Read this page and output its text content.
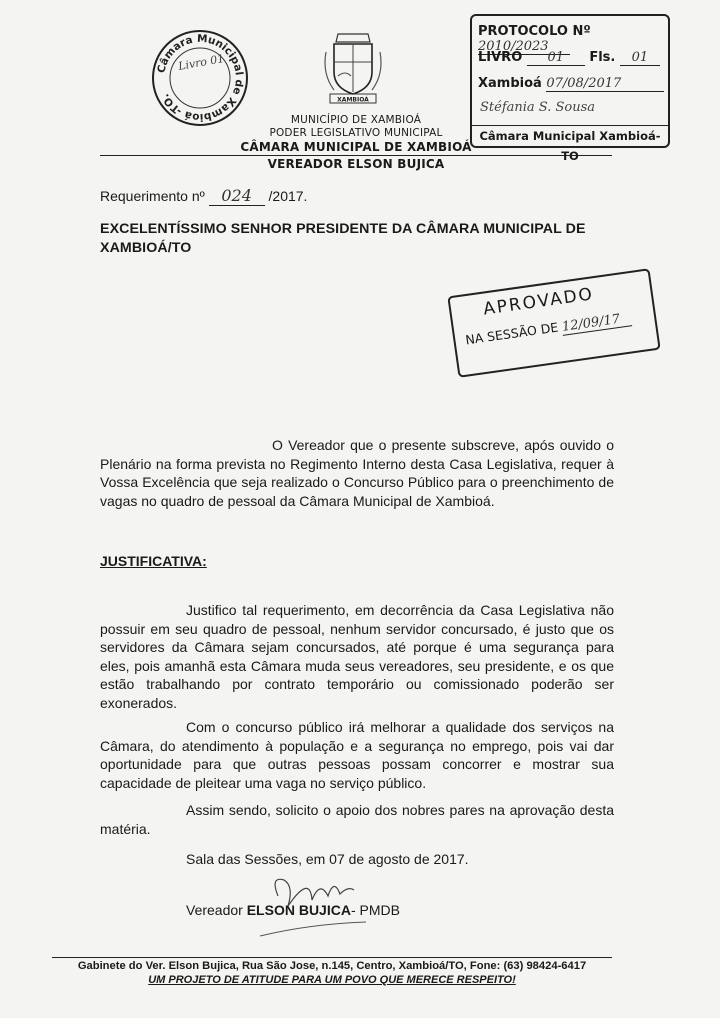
Câmara Municipal de Xambioá -TO.
Livro 01
XAMBIOÁ
MUNICÍPIO DE XAMBIOÁ
PODER LEGISLATIVO MUNICIPAL
CÂMARA MUNICIPAL DE XAMBIOÁ
VEREADOR ELSON BUJICA
PROTOCOLO Nº 2010/2023
LIVRO 01 Fls. 01
Xambioá 07/08/2017
Stéfania S. Sousa
Câmara Municipal Xambioá-TO
Requerimento nº 024 /2017.
EXCELENTÍSSIMO SENHOR PRESIDENTE DA CÂMARA MUNICIPAL DE XAMBIOÁ/TO
APROVADO
NA SESSÃO DE 12/09/17
O Vereador que o presente subscreve, após ouvido o Plenário na forma prevista no Regimento Interno desta Casa Legislativa, requer à Vossa Excelência que seja realizado o Concurso Público para o preenchimento de vagas no quadro de pessoal da Câmara Municipal de Xambioá.
JUSTIFICATIVA:
Justifico tal requerimento, em decorrência da Casa Legislativa não possuir em seu quadro de pessoal, nenhum servidor concursado, é justo que os servidores da Câmara sejam concursados, até porque é uma segurança para eles, pois amanhã esta Câmara muda seus vereadores, seu presidente, e os que estão trabalhando por contrato temporário ou comissionado poderão ser exonerados.
Com o concurso público irá melhorar a qualidade dos serviços na Câmara, do atendimento à população e a segurança no emprego, pois vai dar oportunidade para que outras pessoas possam concorrer e mostrar sua capacidade de pleitear uma vaga no serviço público.
Assim sendo, solicito o apoio dos nobres pares na aprovação desta matéria.
Sala das Sessões, em 07 de agosto de 2017.
Vereador ELSON BUJICA- PMDB
Gabinete do Ver. Elson Bujica, Rua São Jose, n.145, Centro, Xambioá/TO, Fone: (63) 98424-6417
UM PROJETO DE ATITUDE PARA UM POVO QUE MERECE RESPEITO!
